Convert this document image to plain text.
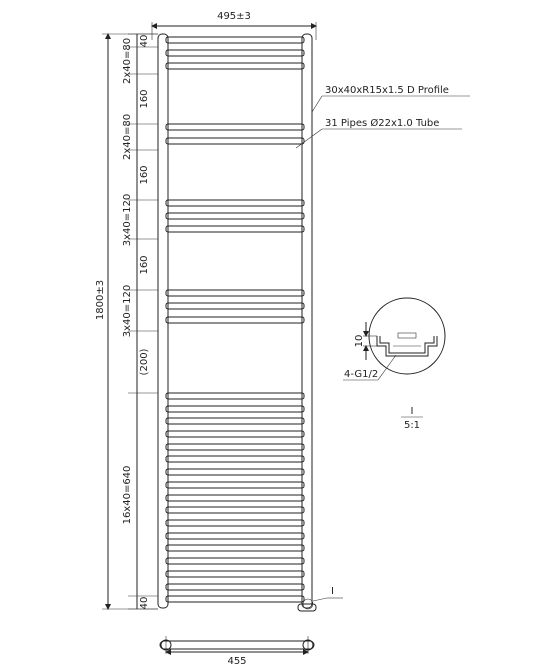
495±3
1800±3
40
2x40=80
160
2x40=80
160
3x40=120
160
3x40=120
(200)
16x40=640
40
30x40xR15x1.5 D Profile
31 Pipes Ø22x1.0 Tube
I
10
4-G1/2
I
5:1
455
